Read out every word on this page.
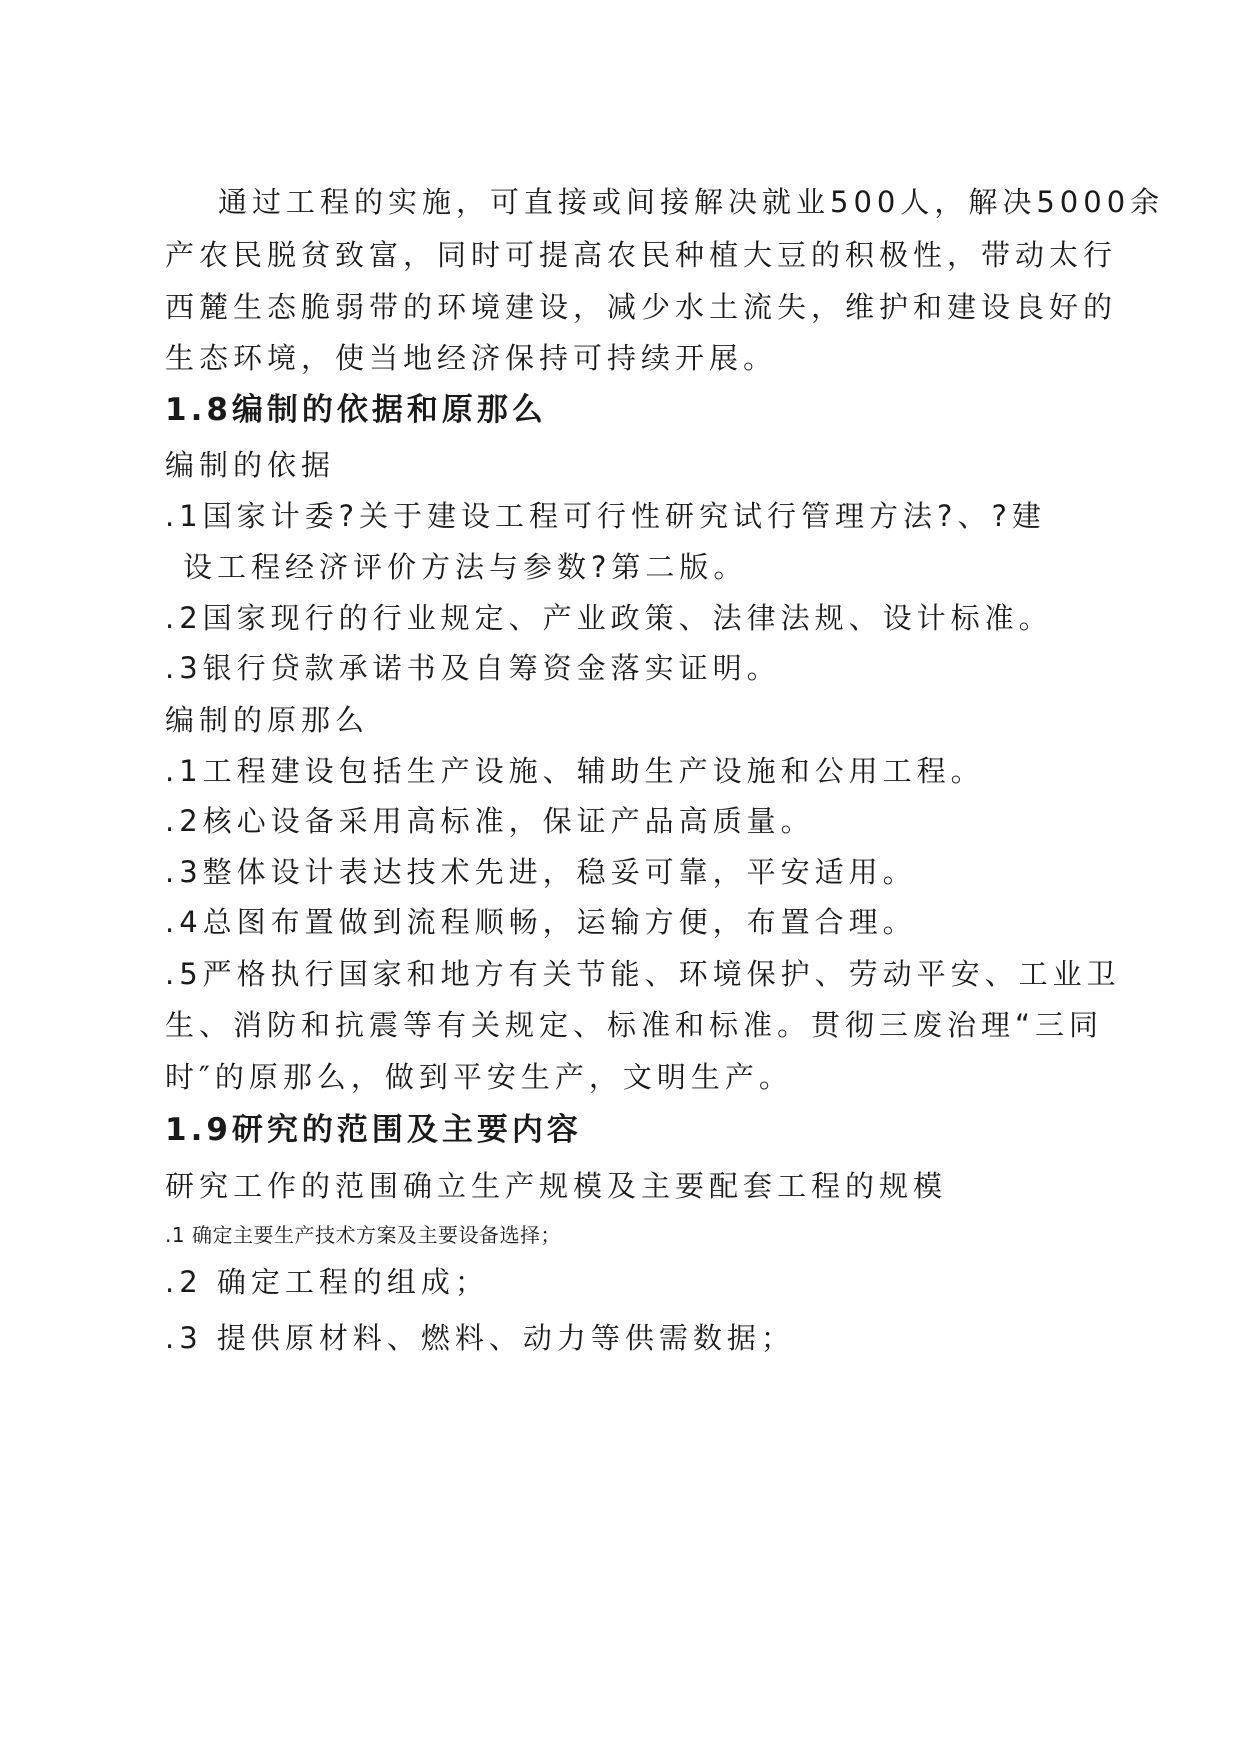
通过工程的实施，可直接或间接解决就业500人，解决5000余
产农民脱贫致富，同时可提高农民种植大豆的积极性，带动太行
西麓生态脆弱带的环境建设，减少水土流失，维护和建设良好的
生态环境，使当地经济保持可持续开展。
1.8编制的依据和原那么
编制的依据
.1国家计委?关于建设工程可行性研究试行管理方法?、?建
设工程经济评价方法与参数?第二版。
.2国家现行的行业规定、产业政策、法律法规、设计标准。
.3银行贷款承诺书及自筹资金落实证明。
编制的原那么
.1工程建设包括生产设施、辅助生产设施和公用工程。
.2核心设备采用高标准，保证产品高质量。
.3整体设计表达技术先进，稳妥可靠，平安适用。
.4总图布置做到流程顺畅，运输方便，布置合理。
.5严格执行国家和地方有关节能、环境保护、劳动平安、工业卫
生、消防和抗震等有关规定、标准和标准。贯彻三废治理“三同
时″的原那么，做到平安生产，文明生产。
1.9研究的范围及主要内容
研究工作的范围确立生产规模及主要配套工程的规模
.1 确定主要生产技术方案及主要设备选择；
.2 确定工程的组成；
.3 提供原材料、燃料、动力等供需数据；
